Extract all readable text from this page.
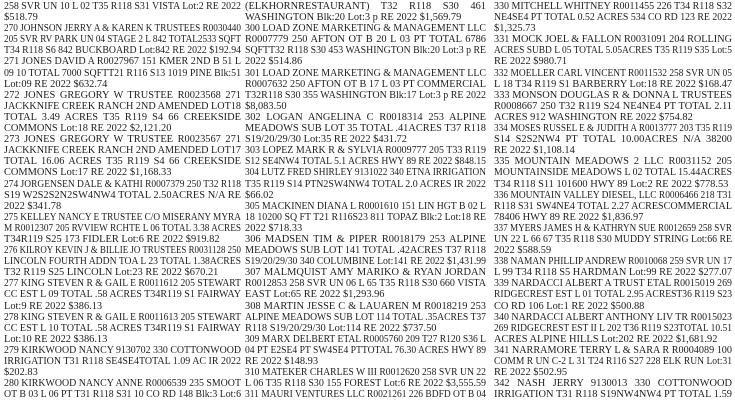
258 SVR UN 10 L 02 T35 R118 S31 VISTA Lot:2 RE 2022
$518.79
270 JOHNSON JERRY A & KAREN K TRUSTEES R0030440
205 SVR RV PARK UN 04 STAGE 2 L 842 TOTAL2533 SQFT
T34 R118 S6 842 BUCKBOARD Lot:842 RE 2022 $192.94
271 JONES DAVID A R0027967 151 KMER 2ND B 51 L
09 10 TOTAL 7000 SQFTT21 R116 S13 1019 PINE Blk:51
Lot:09 RE 2022 $632.74
272 JONES GREGORY W TRUSTEE R0023568 271
JACKKNIFE CREEK RANCH 2ND AMENDED LOT18
TOTAL 3.49 ACRES T35 R119 S4 66 CREEKSIDE
COMMONS Lot:18 RE 2022 $2,121.20
273 JONES GREGORY W TRUSTEE R0023567 271
JACKKNIFE CREEK RANCH 2ND AMENDED LOT17
TOTAL 16.06 ACRES T35 R119 S4 66 CREEKSIDE
COMMONS Lot:17 RE 2022 $1,168.33
274 JORGENSEN DALE & KATHI R0007379 250 T32 R118
S19 W2S2S2N2SW4NW4 TOTAL 2.50ACRES N/A RE
2022 $341.78
275 KELLEY NANCY E TRUSTEE C/O MISERANY MYRA
M R0012307 205 RVVIEW RCHTE L 06 TOTAL 3.38 ACRES
T34R119 S25 173 FIDLER Lot:6 RE 2022 $919.82
276 KILROY KEVIN J & BILLIE JO TRUSTEES R0031128 250
LINCOLN FOURTH ADDN TOA L 23 TOTAL 1.38ACRES
T32 R119 S25 LINCOLN Lot:23 RE 2022 $670.21
277 KING STEVEN R & GAIL E R0011612 205 STEWART
CC EST L 09 TOTAL .58 ACRES T34R119 S1 FAIRWAY
Lot:9 RE 2022 $386.13
278 KING STEVEN R & GAIL E R0011613 205 STEWART
CC EST L 10 TOTAL .58 ACRES T34R119 S1 FAIRWAY
Lot:10 RE 2022 $386.13
279 KIRKWOOD NANCY 9130702 330 COTTONWOOD
IRRIGATION T31 R118 SE4SE4TOTAL 1.09 AC IR 2022
$202.83
280 KIRKWOOD NANCY ANNE R0006539 235 SMOOT
OT B 03 L 06 PT T31 R118 S31 10 CO RD 148 Blk:3 Lot:6
(ELKHORNRESTAURANT) T32 R118 S30 461
WASHINGTON Blk:20 Lot:3 p RE 2022 $1,569.79
300 LOAD ZONE MARKETING & MANAGEMENT LLC
R0007779 250 AFTON OT B 20 L 03 PT TOTAL 6786
SQFTT32 R118 S30 453 WASHINGTON Blk:20 Lot:3 p RE
2022 $514.86
301 LOAD ZONE MARKETING & MANAGEMENT LLC
R0007632 250 AFTON OT B 17 L 03 PT COMMERCIAL
T32R118 S30 355 WASHINGTON Blk:17 Lot:3 p RE 2022
$8,083.50
302 LOGAN ANGELINA C R0018314 253 ALPINE
MEADOWS SUB LOT 35 TOTAL .41ACRES T37 R118
S19/20/29/30 Lot:35 RE 2022 $431.72
303 LOPEZ MARK R & SYLVIA R0009777 205 T33 R119
S12 SE4NW4 TOTAL 5.1 ACRES HWY 89 RE 2022 $848.15
304 LUTZ FRED SHIRLEY 9131022 340 ETNA IRRIGATION
T35 R119 S14 PTN2SW4NW4 TOTAL 2.0 ACRES IR 2022
$66.02
305 MACKINEN DIANA L R0001610 151 LIN HGT B 02 L
18 10200 SQ FT T21 R116S23 811 TOPAZ Blk:2 Lot:18 RE
2022 $718.33
306 MADSEN TIM & PIPER R0018179 253 ALPINE
MEADOWS SUB LOT 141 TOTAL .42ACRES T37 R118
S19/20/29/30 340 COLUMBINE Lot:141 RE 2022 $1,431.99
307 MALMQUIST AMY MARIKO & RYAN JORDAN
R0012853 258 SVR UN 06 L 65 T35 R118 S30 660 VISTA
EAST Lot:65 RE 2022 $1,293.96
308 MARTIN JESSE C & LAUAREN M R0018219 253
ALPINE MEADOWS SUB LOT 114 TOTAL .35ACRES T37
R118 S19/20/29/30 Lot:114 RE 2022 $737.50
309 MARX DELBERT ETAL R0005760 209 T27 R120 S36 L
04 PT E2SE4 PT SW4SE4 PTTOTAL 76.30 ACRES HWY 89
RE 2022 $148.93
310 MATEKER CHARLES W III R0012620 258 SVR UN 22
L 06 T35 R118 S30 155 FOREST Lot:6 RE 2022 $3,555.59
311 MAURI VENTURES LLC R0021261 226 BDFD OT B 04
330 MITCHELL WHITNEY R0011455 226 T34 R118 S32
NE4SE4 PT TOTAL 0.52 ACRES 534 CO RD 123 RE 2022
$1,325.73
331 MOCK JOEL & FALLON R0031091 204 ROLLING
ACRES SUBD L 05 TOTAL 5.05ACRES T35 R119 S35 Lot:5
RE 2022 $980.71
332 MOELLER CARL VINCENT R0011532 258 SVR UN 05
L 18 T34 R119 S1 BARBERRY Lot:18 RE 2022 $168.47
333 MONSON DOUGLAS R & DONNA L TRUSTEES
R0008667 250 T32 R119 S24 NE4NE4 PT TOTAL 2.11
ACRES 912 WASHINGTON RE 2022 $754.82
334 MOSES RUSSEL E & JUDITH A R0013777 203 T35 R119
S14 S2S2NW4 PT TOTAL 10.00ACRES N/A 38200
RE 2022 $1,108.14
335 MOUNTAIN MEADOWS 2 LLC R0031152 205
MOUNTAINSIDE MEADOWS L 02 TOTAL 15.44ACRES
T34 R118 S11 101600 HWY 89 Lot:2 RE 2022 $778.53
336 MOUNTAIN VALLEY DIESEL, LLC R0006466 218 T31
R118 S31 SW4NE4 TOTAL 2.27 ACRESCOMMERCIAL
78406 HWY 89 RE 2022 $1,836.97
337 MYERS JAMES H & KATHRYN SUE R0012659 258 SVR
UN 22 L 66 67 T35 R118 S30 MUDDY STRING Lot:66 RE
2022 $588.59
338 NAMAN PHILLIP ANDREW R0010068 259 SVR UN 17
L 99 T34 R118 S5 HARDMAN Lot:99 RE 2022 $277.07
339 NARDACCI ALBERT A TRUST ETAL R0015019 269
RIDGECREST EST L 01 TOTAL 2.95 ACREST36 R119 S23
CO RD 106 Lot:1 RE 2022 $500.88
340 NARDACCI ALBERT ANTHONY LIV TR R0015023
269 RIDGECREST EST II L 202 T36 R119 S23TOTAL 10.51
ACRES ALPINE HILLS Lot:202 RE 2022 $1,681.92
341 NARRAMORE TERRY L & SARA R R0004089 100
COMM R UN C-2 L 31 T24 R116 S27 228 ELK RUN Lot:31
RE 2022 $502.95
342 NASH JERRY 9130013 330 COTTONWOOD
IRRIGATION T31 R118 S19NW4NW4 PT TOTAL 1.59
